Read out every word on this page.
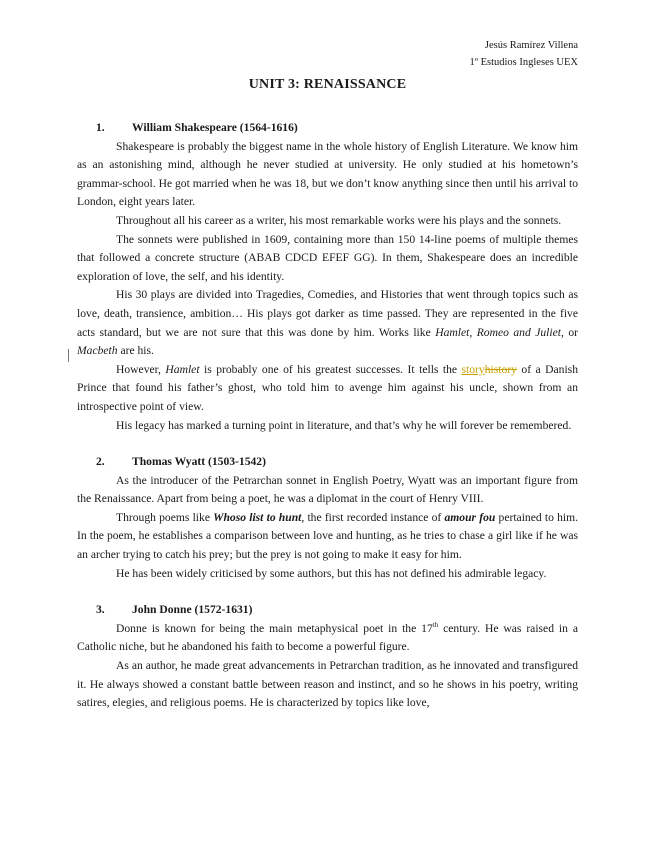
Jesús Ramírez Villena
1º Estudios Ingleses UEX
UNIT 3: RENAISSANCE
1. William Shakespeare (1564-1616)

Shakespeare is probably the biggest name in the whole history of English Literature. We know him as an astonishing mind, although he never studied at university. He only studied at his hometown’s grammar-school. He got married when he was 18, but we don’t know anything since then until his arrival to London, eight years later.

Throughout all his career as a writer, his most remarkable works were his plays and the sonnets.

The sonnets were published in 1609, containing more than 150 14-line poems of multiple themes that followed a concrete structure (ABAB CDCD EFEF GG). In them, Shakespeare does an incredible exploration of love, the self, and his identity.

His 30 plays are divided into Tragedies, Comedies, and Histories that went through topics such as love, death, transience, ambition… His plays got darker as time passed. They are represented in the five acts standard, but we are not sure that this was done by him. Works like Hamlet, Romeo and Juliet, or Macbeth are his.

However, Hamlet is probably one of his greatest successes. It tells the storyhistory of a Danish Prince that found his father’s ghost, who told him to avenge him against his uncle, shown from an introspective point of view.

His legacy has marked a turning point in literature, and that’s why he will forever be remembered.

2. Thomas Wyatt (1503-1542)

As the introducer of the Petrarchan sonnet in English Poetry, Wyatt was an important figure from the Renaissance. Apart from being a poet, he was a diplomat in the court of Henry VIII.

Through poems like Whoso list to hunt, the first recorded instance of amour fou pertained to him. In the poem, he establishes a comparison between love and hunting, as he tries to chase a girl like if he was an archer trying to catch his prey; but the prey is not going to make it easy for him.

He has been widely criticised by some authors, but this has not defined his admirable legacy.

3. John Donne (1572-1631)

Donne is known for being the main metaphysical poet in the 17th century. He was raised in a Catholic niche, but he abandoned his faith to become a powerful figure.

As an author, he made great advancements in Petrarchan tradition, as he innovated and transfigured it. He always showed a constant battle between reason and instinct, and so he shows in his poetry, writing satires, elegies, and religious poems. He is characterized by topics like love,
